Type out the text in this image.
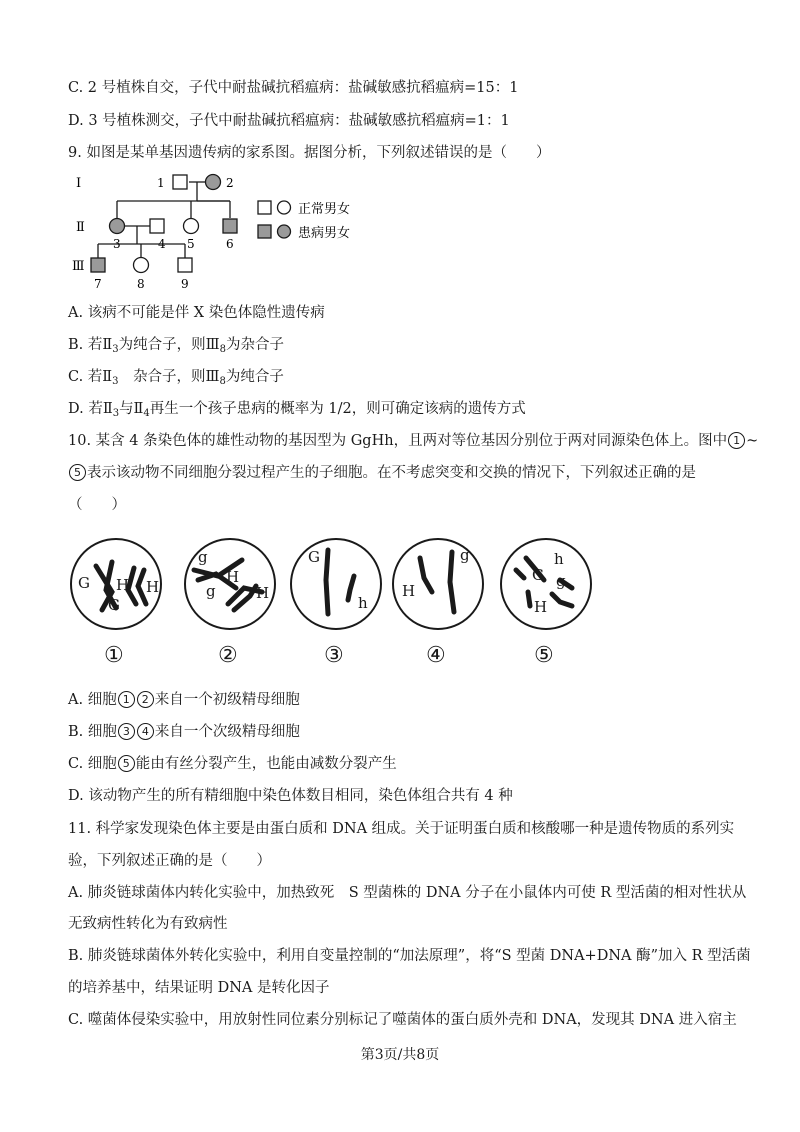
C. 2 号植株自交，子代中耐盐碱抗稻瘟病：盐碱敏感抗稻瘟病=15：1
D. 3 号植株测交，子代中耐盐碱抗稻瘟病：盐碱敏感抗稻瘟病=1：1
9. 如图是某单基因遗传病的家系图。据图分析，下列叙述错误的是（　　）
Ⅰ
Ⅱ
Ⅲ
1	2
3	4 5	6
7	8	9
正常男女
患病男女
A. 该病不可能是伴 X 染色体隐性遗传病
B. 若$Ⅱ_3$为纯合子，则$Ⅲ_8$为杂合子
C. 若$Ⅱ_3$　杂合子，则$Ⅲ_8$为纯合子
D. 若$Ⅱ_3$与$Ⅱ_4$再生一个孩子患病的概率为 1/2，则可确定该病的遗传方式
10. 某含 4 条染色体的雄性动物的基因型为 GgHh，且两对等位基因分别位于两对同源染色体上。图中 1 ~
5 表示该动物不同细胞分裂过程产生的子细胞。在不考虑突变和交换的情况下，下列叙述正确的是
（　　）
G H
G
H
g
H
g	H
G
h
H
g	h
G g
H
①	②	③	④	⑤
A. 细胞 1 2 来自一个初级精母细胞
B. 细胞 3 4 来自一个次级精母细胞
C. 细胞 5 能由有丝分裂产生，也能由减数分裂产生
D. 该动物产生的所有精细胞中染色体数目相同，染色体组合共有 4 种
11. 科学家发现染色体主要是由蛋白质和 DNA 组成。关于证明蛋白质和核酸哪一种是遗传物质的系列实
验，下列叙述正确的是（　　）
A. 肺炎链球菌体内转化实验中，加热致死　S 型菌株的 DNA 分子在小鼠体内可使 R 型活菌的相对性状从
无致病性转化为有致病性
B. 肺炎链球菌体外转化实验中，利用自变量控制的“加法原理”，将“S 型菌 DNA+DNA 酶”加入 R 型活菌
的培养基中，结果证明 DNA 是转化因子
C. 噬菌体侵染实验中，用放射性同位素分别标记了噬菌体的蛋白质外壳和 DNA，发现其 DNA 进入宿主
第3页/共8页
